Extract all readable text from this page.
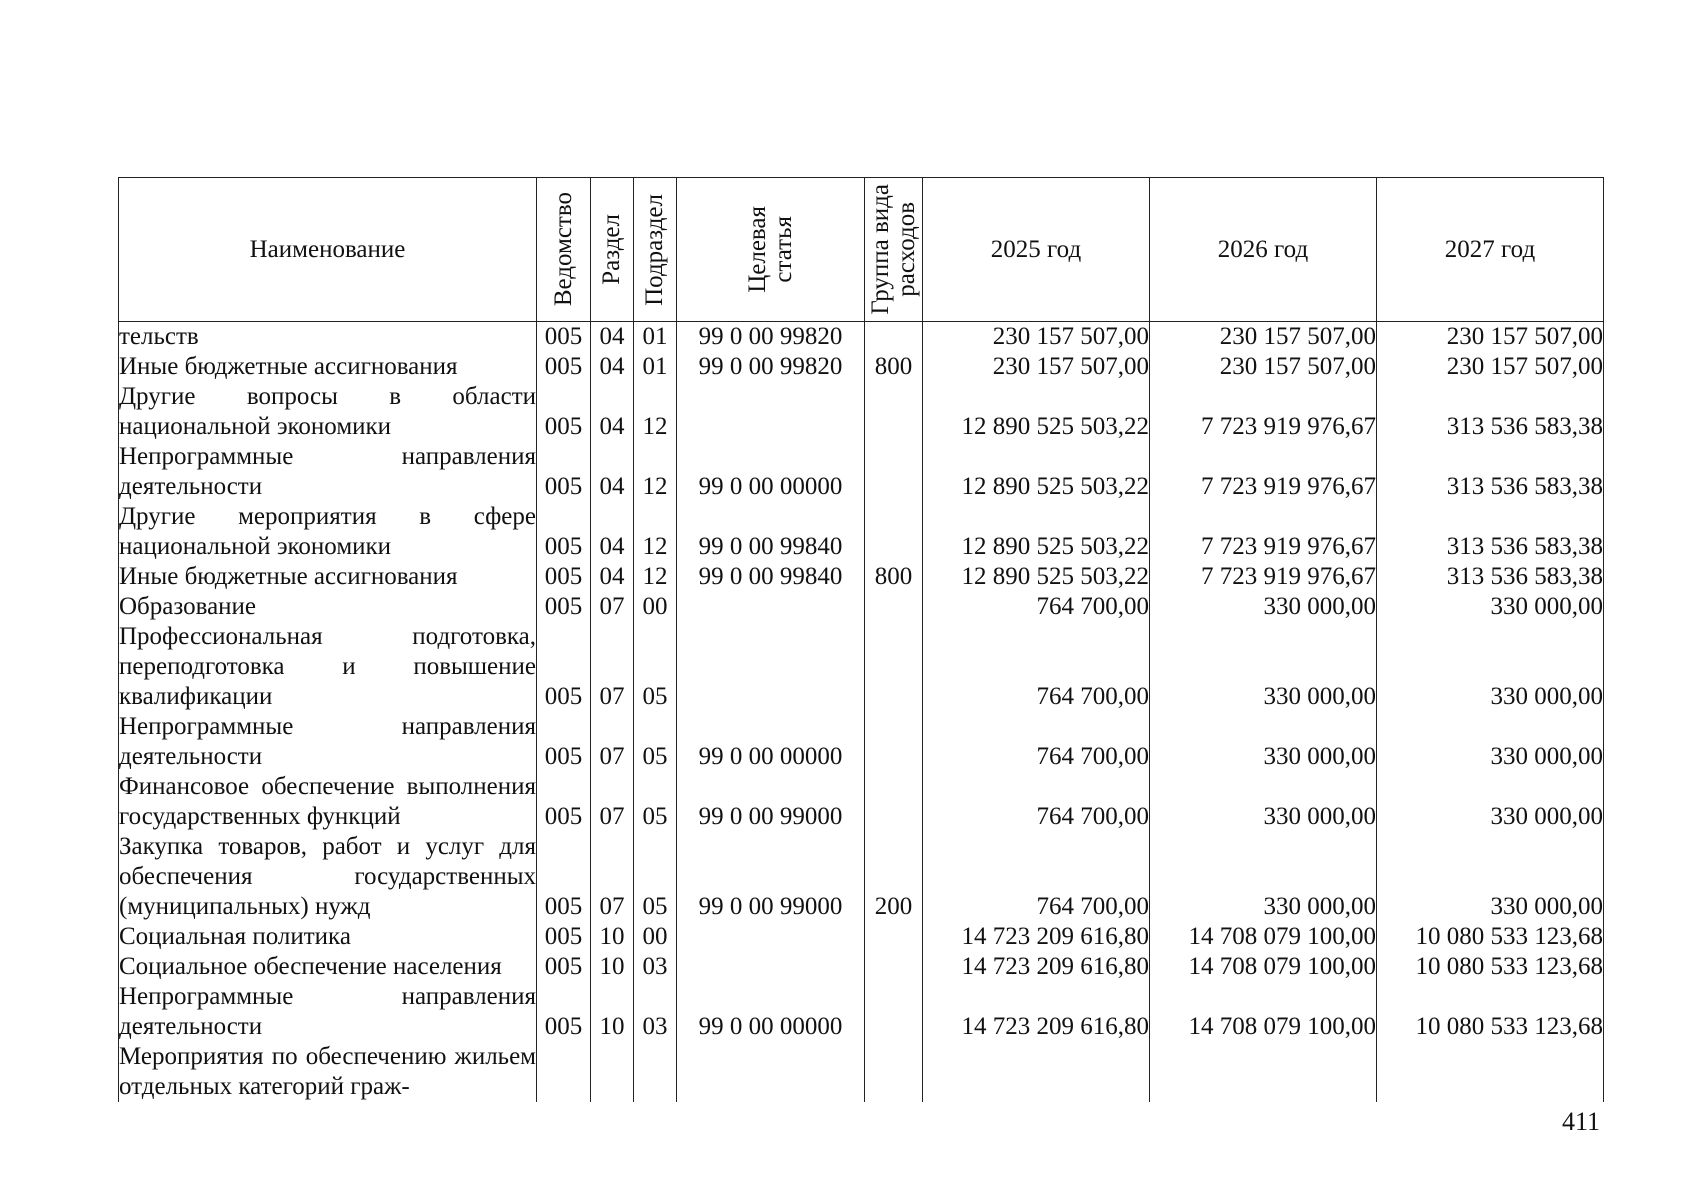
Наименование	Ведомство	Раздел	Подраздел	Целевая статья	Группа вида расходов	2025 год	2026 год	2027 год
тельств	005	04	01	99 0 00 99820		230 157 507,00	230 157 507,00	230 157 507,00
Иные бюджетные ассигнования	005	04	01	99 0 00 99820	800	230 157 507,00	230 157 507,00	230 157 507,00
Другие вопросы в области национальной экономики	005	04	12			12 890 525 503,22	7 723 919 976,67	313 536 583,38
Непрограммные направления деятельности	005	04	12	99 0 00 00000		12 890 525 503,22	7 723 919 976,67	313 536 583,38
Другие мероприятия в сфере национальной экономики	005	04	12	99 0 00 99840		12 890 525 503,22	7 723 919 976,67	313 536 583,38
Иные бюджетные ассигнования	005	04	12	99 0 00 99840	800	12 890 525 503,22	7 723 919 976,67	313 536 583,38
Образование	005	07	00			764 700,00	330 000,00	330 000,00
Профессиональная подготовка, переподготовка и повышение квалификации	005	07	05			764 700,00	330 000,00	330 000,00
Непрограммные направления деятельности	005	07	05	99 0 00 00000		764 700,00	330 000,00	330 000,00
Финансовое обеспечение выполнения государственных функций	005	07	05	99 0 00 99000		764 700,00	330 000,00	330 000,00
Закупка товаров, работ и услуг для обеспечения государственных (муниципальных) нужд	005	07	05	99 0 00 99000	200	764 700,00	330 000,00	330 000,00
Социальная политика	005	10	00			14 723 209 616,80	14 708 079 100,00	10 080 533 123,68
Социальное обеспечение населения	005	10	03			14 723 209 616,80	14 708 079 100,00	10 080 533 123,68
Непрограммные направления деятельности	005	10	03	99 0 00 00000		14 723 209 616,80	14 708 079 100,00	10 080 533 123,68
Мероприятия по обеспечению жильем отдельных категорий граж-								
411
